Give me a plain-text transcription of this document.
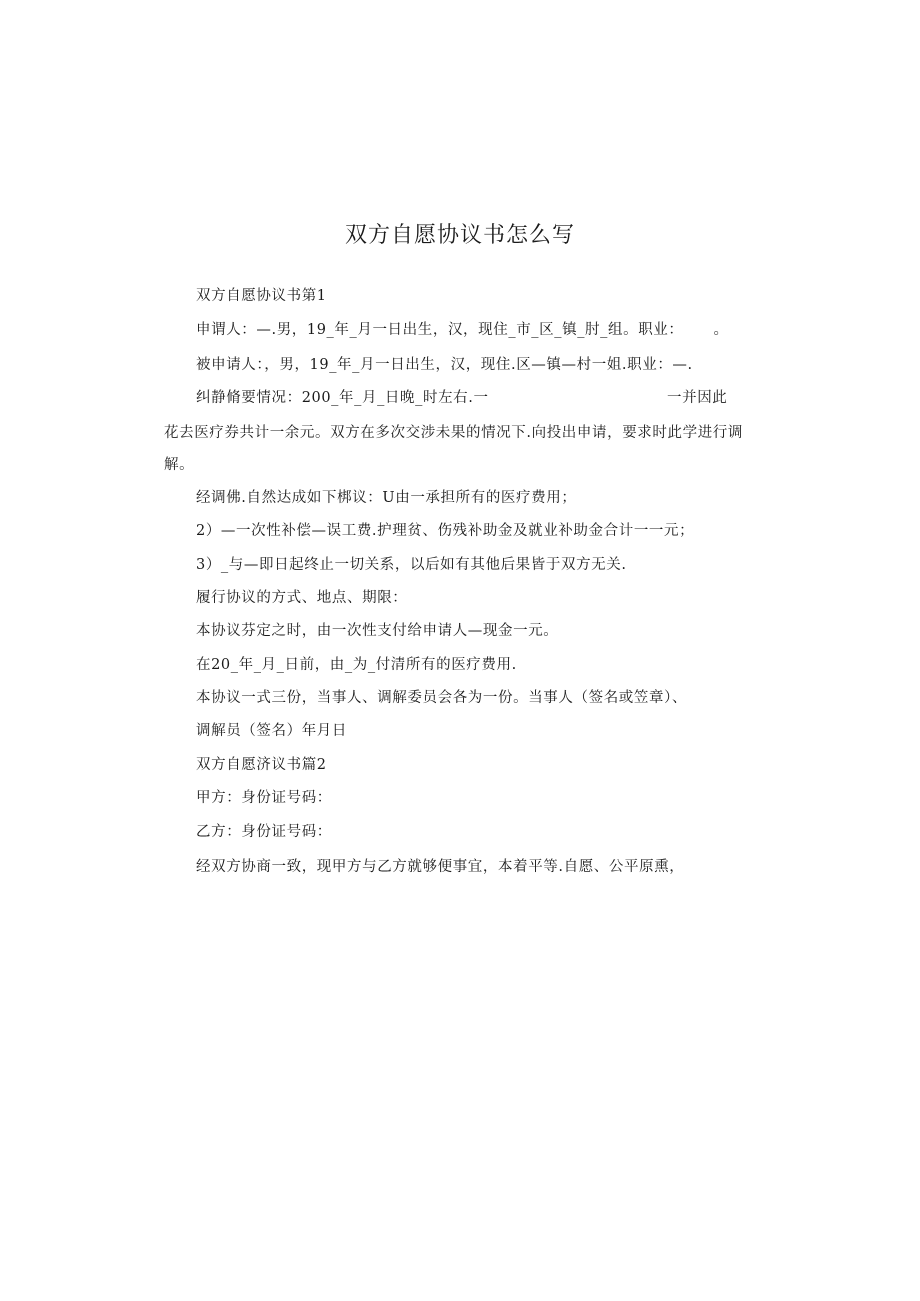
双方自愿协议书怎么写
双方自愿协议书第1
申谓人：—.男，19_年_月一日出生，汉，现住_市_区_镇_肘_组。职业： 。
被申请人：，男，19_年_月一日出生，汉，现住.区—镇—村一姐.职业：—.
纠静脩要情况：200_年_月_日晚_时左右.一	一并因此
花去医疗券共计一余元。双方在多次交涉未果的情况下.向投出申请，要求时此学进行调
解。
经调佛.自然达成如下梆议：U由一承担所有的医疗费用；
2）—一次性补偿—误工费.护理贫、伤残补助金及就业补助金合计一一元；
3）_与—即日起终止一切关系，以后如有其他后果皆于双方无关.
履行协议的方式、地点、期限：
本协议芬定之时，由一次性支付给申请人—现金一元。
在20_年_月_日前，由_为_付清所有的医疗费用.
本协议一式三份，当事人、调解委员会各为一份。当事人（签名或笠章）、
调解员（签名）年月日
双方自愿济议书篇2
甲方：身份证号码：
乙方：身份证号码：
经双方协商一致，现甲方与乙方就够便事宜，本着平等.自愿、公平原熏，
